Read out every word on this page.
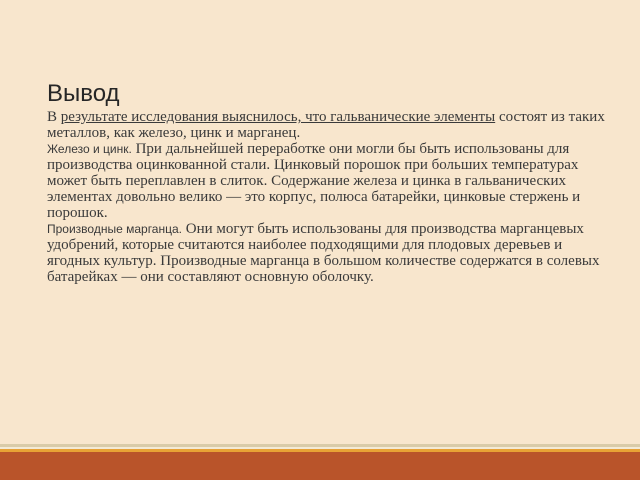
Вывод

В результате исследования выяснилось, что гальванические элементы состоят из таких металлов, как железо, цинк и марганец.

Железо и цинк. При дальнейшей переработке они могли бы быть использованы для производства оцинкованной стали. Цинковый порошок при больших температурах может быть переплавлен в слиток. Содержание железа и цинка в гальванических элементах довольно велико — это корпус, полюса батарейки, цинковые стержень и порошок.

Производные марганца. Они могут быть использованы для производства марганцевых удобрений, которые считаются наиболее подходящими для плодовых деревьев и ягодных культур. Производные марганца в большом количестве содержатся в солевых батарейках — они составляют основную оболочку.
